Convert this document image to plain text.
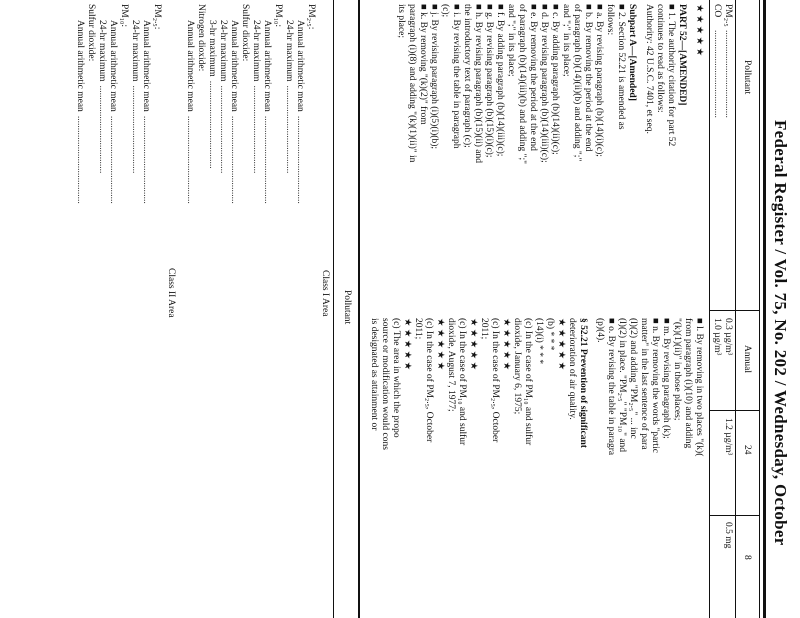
Federal Register / Vol. 75, No. 202 / Wednesday, October
Pollutant
Annual
24
8
PM₂.₅
.....................................
0.3 µg/m³
1.2 µg/m³
0.5 mg
CO
.....................................
1.0 µg/m³

★ ★ ★ ★ ★

PART 52—[AMENDED]

■ 1. The authority citation for part 52

continues to read as follows:

Authority: 42 U.S.C. 7401, et seq.

Subpart A—[Amended]

■ 2. Section 52.21 is amended as

follows:

■ a. By revising paragraph (b)(14)(i)(c);

■ b. By removing the period at the end

of paragraph (b)(14)(ii)(b) and adding ";"

and ";" in its place;

■ c. By adding paragraph (b)(14)(ii)(c);

■ d. By revising paragraph (b)(14)(iii)(c);

■ e. By removing the period at the end

of paragraph (b)(14)(iii)(b) and adding ";"

and ";" in its place;

■ f. By adding paragraph (b)(14)(iii)(c);

■ g. By revising paragraph (b)(15)(i)(c);

■ h. By revising paragraph (b)(15)(ii) and

the introductory text of paragraph (c);

■ i. By revising the table in paragraph

(c);

■ j. By revising paragraph (i)(5)(i)(b);

■ k. By removing "(k)(2)" from

paragraph (i)(8) and adding "(k)(1)(ii)" in

its place;

■ l. By removing in two places "(k)(

from paragraph (i)(10) and adding

"(k)(1)(ii)" in those places;

■ m. By revising paragraph (k);

■ n. By removing the words "partic

matter" in the last sentence of para

(l)(2) and adding "PM₂.₅" ... inc

(l)(2) in place. "PM₂.₅" "PM₁₀" and

■ o. By revising the table in paragra

(p)(4).

§ 52.21 Prevention of significant

deterioration of air quality.

★ ★ ★ ★ ★

(b) * * *

(14)(i) * * *

(c) In the case of PM₁₀ and sulfur

dioxide, January 6, 1975;

★ ★ ★ ★ ★

(c) In the case of PM₂.₅, October

2011;

★ ★ ★ ★ ★

(c) In the case of PM₁₀ and sulfur

dioxide, August 7, 1977;

★ ★ ★ ★ ★

(c) In the case of PM₂.₅, October

2011;

★ ★ ★ ★ ★

(c) The area in which the propo

source or modification would cons

is designated as attainment or

Pollutant
Class I Area
PM₂.₅:
Annual arithmetic mean.....................................
24-hr maximum.....................................
PM₁₀:
Annual arithmetic mean.....................................
24-hr maximum.....................................
Sulfur dioxide:
Annual arithmetic mean.....................................
24-hr maximum.....................................
3-hr maximum.....................................
Nitrogen dioxide:
Annual arithmetic mean.....................................
Class II Area
PM₂.₅:
Annual arithmetic mean.....................................
24-hr maximum.....................................
PM₁₀:
Annual arithmetic mean.....................................
24-hr maximum.....................................
Sulfur dioxide:
Annual arithmetic mean.....................................
